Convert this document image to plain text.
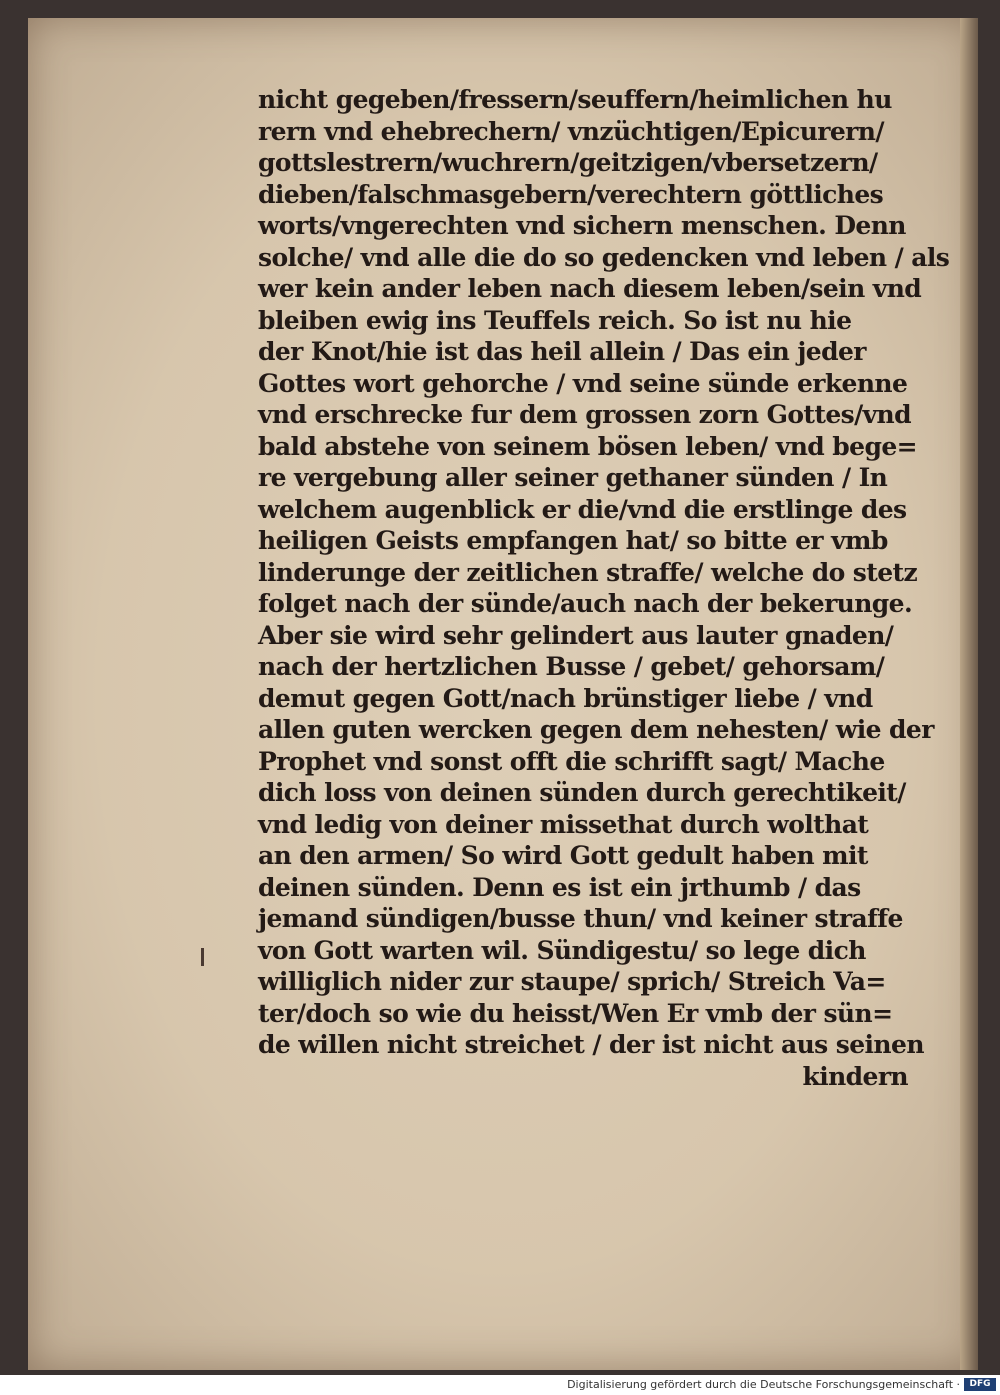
nicht gegeben/fressern/seuffern/heimlichen hu
rern vnd ehebrechern/ vnzüchtigen/Epicurern/
gottslestrern/wuchrern/geitzigen/vbersetzern/
dieben/falschmasgebern/verechtern göttliches
worts/vngerechten vnd sichern menschen. Denn
solche/ vnd alle die do so gedencken vnd leben / als
wer kein ander leben nach diesem leben/sein vnd
bleiben ewig ins Teuffels reich. So ist nu hie
der Knot/hie ist das heil allein / Das ein jeder
Gottes wort gehorche / vnd seine sünde erkenne
vnd erschrecke fur dem grossen zorn Gottes/vnd
bald abstehe von seinem bösen leben/ vnd bege=
re vergebung aller seiner gethaner sünden / In
welchem augenblick er die/vnd die erstlinge des
heiligen Geists empfangen hat/ so bitte er vmb
linderunge der zeitlichen straffe/ welche do stetz
folget nach der sünde/auch nach der bekerunge.
Aber sie wird sehr gelindert aus lauter gnaden/
nach der hertzlichen Busse / gebet/ gehorsam/
demut gegen Gott/nach brünstiger liebe / vnd
allen guten wercken gegen dem nehesten/ wie der
Prophet vnd sonst offt die schrifft sagt/ Mache
dich loss von deinen sünden durch gerechtikeit/
vnd ledig von deiner missethat durch wolthat
an den armen/ So wird Gott gedult haben mit
deinen sünden. Denn es ist ein jrthumb / das
jemand sündigen/busse thun/ vnd keiner straffe
von Gott warten wil. Sündigestu/ so lege dich
williglich nider zur staupe/ sprich/ Streich Va=
ter/doch so wie du heisst/Wen Er vmb der sün=
de willen nicht streichet / der ist nicht aus seinen
kindern
Digitalisierung gefördert durch die Deutsche Forschungsgemeinschaft ·	DFG
